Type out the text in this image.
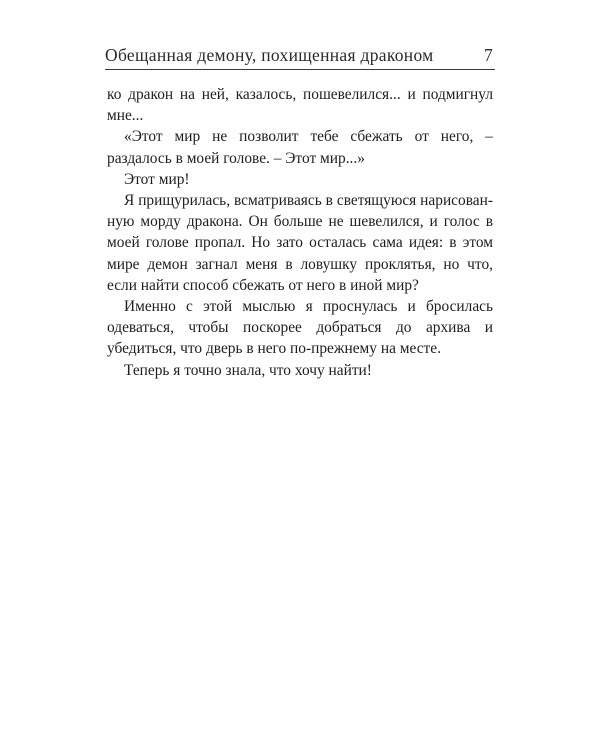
Обещанная демону, похищенная драконом	7

ко дракон на ней, казалось, пошевелился... и подмигнул мне...

«Этот мир не позволит тебе сбежать от него, – раздалось в моей голове. – Этот мир...»

Этот мир!

Я прищурилась, всматриваясь в светящуюся нарисованную морду дракона. Он больше не шевелился, и голос в моей голове пропал. Но зато осталась сама идея: в этом мире демон загнал меня в ловушку проклятья, но что, если найти способ сбежать от него в иной мир?

Именно с этой мыслью я проснулась и бросилась одеваться, чтобы поскорее добраться до архива и убедиться, что дверь в него по-прежнему на месте.

Теперь я точно знала, что хочу найти!
